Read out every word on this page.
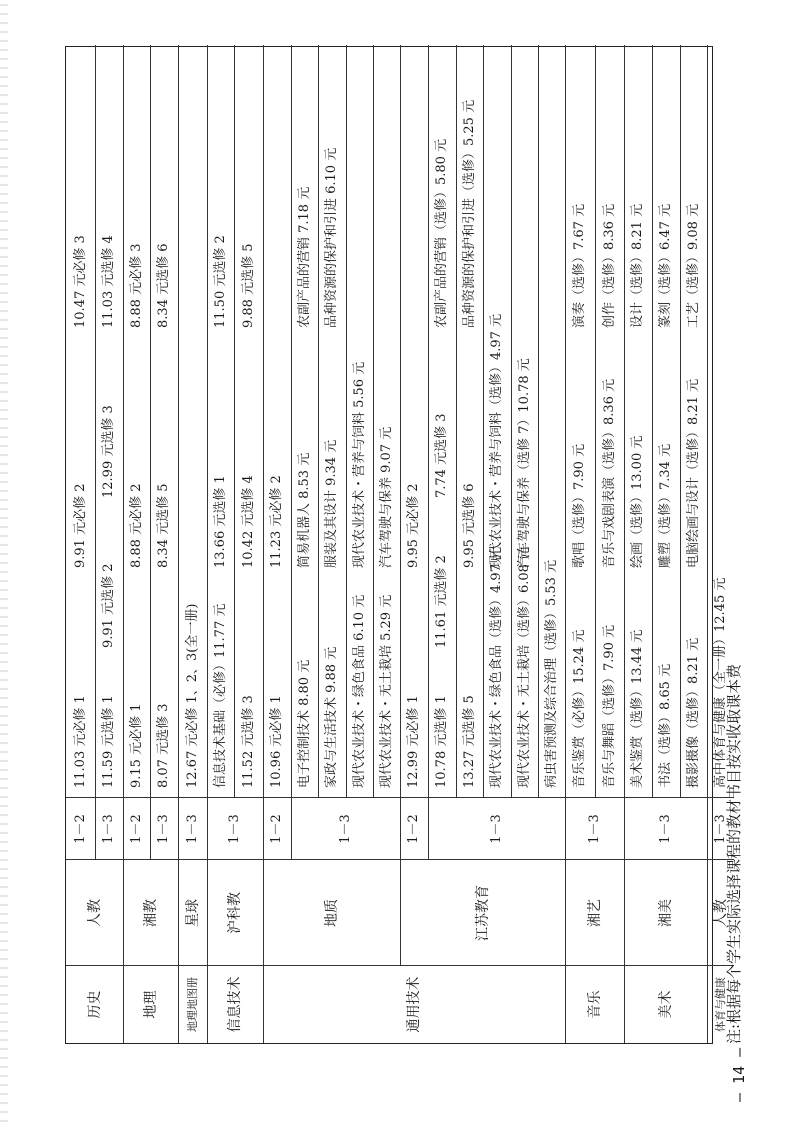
11.03 元必修 1
9.91 元必修 2
10.47 元必修 3
11.59 元选修 1
9.91 元选修 2
12.99 元选修 3
11.03 元选修 4
9.15 元必修 1
8.88 元必修 2
8.88 元必修 3
8.07 元选修 3
8.34 元选修 5
8.34 元选修 6
12.67 元必修 1、2、3(全一册) 信息技术基础（必修）11.77 元
13.66 元选修 1
11.50 元选修 2
11.52 元选修 3
10.42 元选修 4
9.88 元选修 5
10.96 元必修 1
11.23 元必修 2
电子控制技术 8.80 元
简易机器人 8.53 元
农副产品的营销 7.18 元
家政与生活技术 9.88 元
服装及其设计 9.34 元
品种资源的保护和引进 6.10 元
现代农业技术・绿色食品 6.10 元
现代农业技术・营养与饲料 5.56 元
现代农业技术・无土栽培 5.29 元
汽车驾驶与保养 9.07 元
12.99 元必修 1
9.95 元必修 2
10.78 元选修 1
11.61 元选修 2
7.74 元选修 3
农副产品的营销（选修）5.80 元
13.27 元选修 5
9.95 元选修 6
品种资源的保护和引进（选修）5.25 元
现代农业技术・绿色食品（选修）4.97 元
现代农业技术・营养与饲料（选修）4.97 元
现代农业技术・无土栽培（选修）6.08 元
汽车驾驶与保养（选修 7）10.78 元
病虫害预测及综合治理（选修）5.53 元 音乐鉴赏（必修）15.24 元
歌唱（选修）7.90 元
演奏（选修）7.67 元
音乐与舞蹈（选修）7.90 元
音乐与戏剧表演（选修）8.36 元
创作（选修）8.36 元
美术鉴赏（选修）13.44 元
绘画（选修）13.00 元
设计（选修）8.21 元
书法（选修）8.65 元
雕塑（选修）7.34 元
篆刻（选修）6.47 元
摄影摄像（选修）8.21 元
电脑绘画与设计（选修）8.21 元
工艺（选修）9.08 元
高中体育与健康（全一册）12.45 元
历史
人教
1－2 1－3
地理
湘教
1－2 1－3
地理地图册
星球
1－3
信息技术
沪科教
1－3
通用技术
地质
1－2	1－3
江苏教育
1－2	1－3
音乐
湘艺
1－3
美术
湘美
1－3
体育与健康
人教
1－3
注:根据每个学生实际选择课程的教材书目按实收取课本费
— 14 —
